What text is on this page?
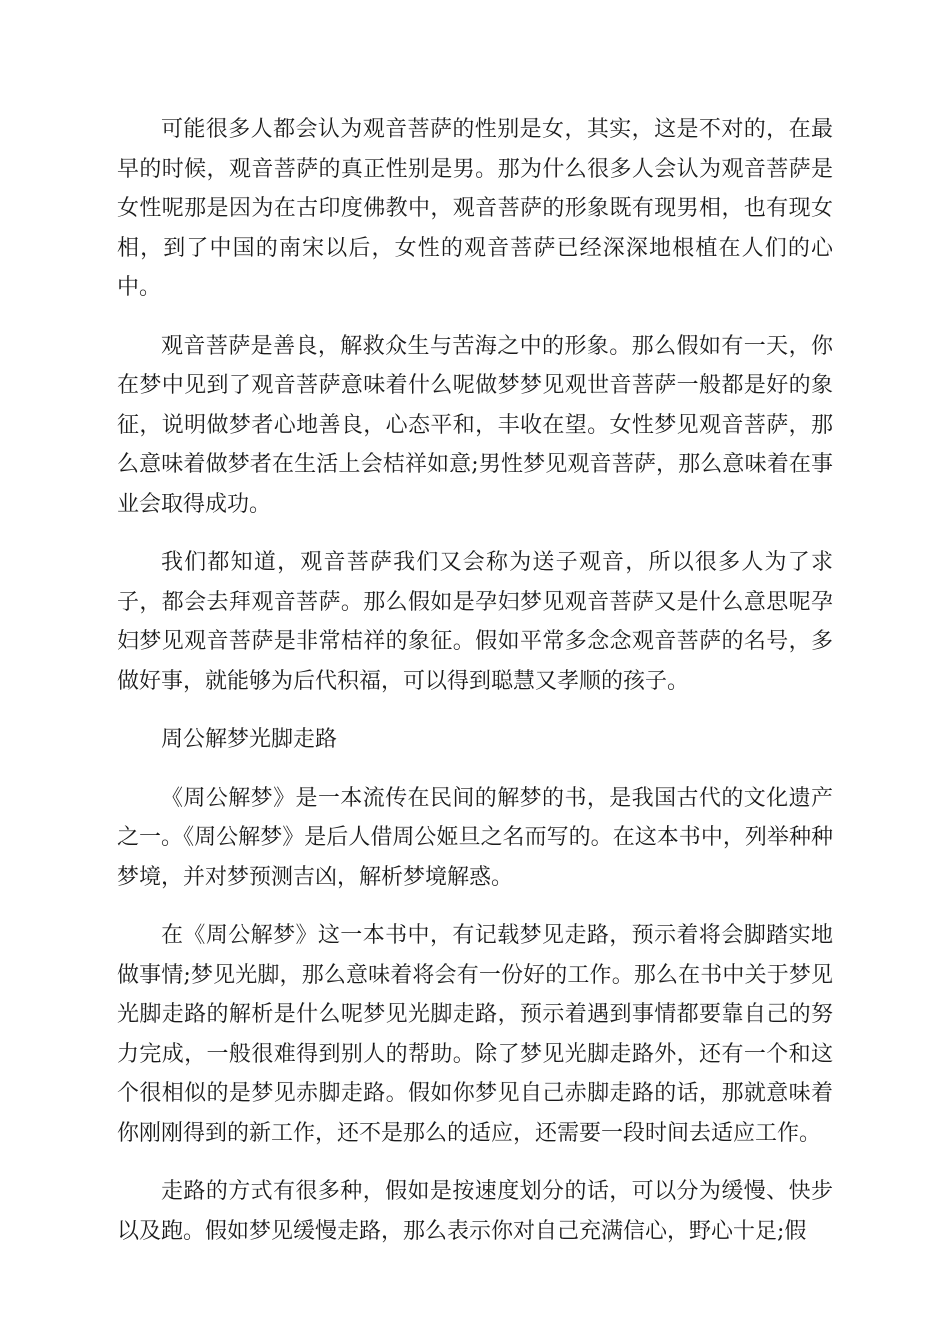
可能很多人都会认为观音菩萨的性别是女，其实，这是不对的，在最早的时候，观音菩萨的真正性别是男。那为什么很多人会认为观音菩萨是女性呢那是因为在古印度佛教中，观音菩萨的形象既有现男相，也有现女相，到了中国的南宋以后，女性的观音菩萨已经深深地根植在人们的心中。

观音菩萨是善良，解救众生与苦海之中的形象。那么假如有一天，你在梦中见到了观音菩萨意味着什么呢做梦梦见观世音菩萨一般都是好的象征，说明做梦者心地善良，心态平和，丰收在望。女性梦见观音菩萨，那么意味着做梦者在生活上会桔祥如意;男性梦见观音菩萨，那么意味着在事业会取得成功。

我们都知道，观音菩萨我们又会称为送子观音，所以很多人为了求子，都会去拜观音菩萨。那么假如是孕妇梦见观音菩萨又是什么意思呢孕妇梦见观音菩萨是非常桔祥的象征。假如平常多念念观音菩萨的名号，多做好事，就能够为后代积福，可以得到聪慧又孝顺的孩子。

周公解梦光脚走路

《周公解梦》是一本流传在民间的解梦的书，是我国古代的文化遗产之一。《周公解梦》是后人借周公姬旦之名而写的。在这本书中，列举种种梦境，并对梦预测吉凶，解析梦境解惑。

在《周公解梦》这一本书中，有记载梦见走路，预示着将会脚踏实地做事情;梦见光脚，那么意味着将会有一份好的工作。那么在书中关于梦见光脚走路的解析是什么呢梦见光脚走路，预示着遇到事情都要靠自己的努力完成，一般很难得到别人的帮助。除了梦见光脚走路外，还有一个和这个很相似的是梦见赤脚走路。假如你梦见自己赤脚走路的话，那就意味着你刚刚得到的新工作，还不是那么的适应，还需要一段时间去适应工作。

走路的方式有很多种，假如是按速度划分的话，可以分为缓慢、快步以及跑。假如梦见缓慢走路，那么表示你对自己充满信心，野心十足;假
